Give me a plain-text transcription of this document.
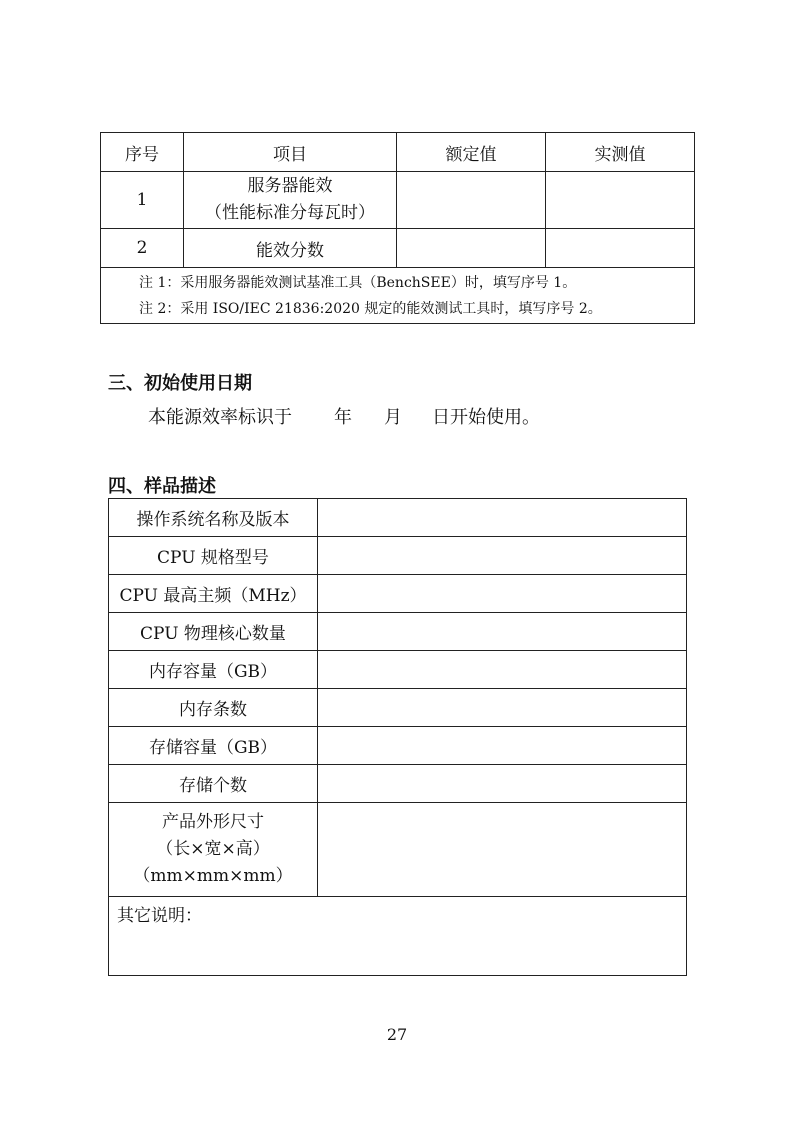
序号	项目	额定值	实测值
1	服务器能效
（性能标准分每瓦时）		

2	能效分数		

注 1：采用服务器能效测试基准工具（BenchSEE）时，填写序号 1。
注 2：采用 ISO/IEC 21836:2020 规定的能效测试工具时，填写序号 2。			
三、初始使用日期
本能源效率标识于 年 月 日开始使用。
四、样品描述
操作系统名称及版本	
CPU 规格型号	
CPU 最高主频（MHz）	
CPU 物理核心数量	
内存容量（GB）	
内存条数	
存储容量（GB）	
存储个数	

产品外形尺寸
（长×宽×高）
（mm×mm×mm）	

其它说明：	
27
